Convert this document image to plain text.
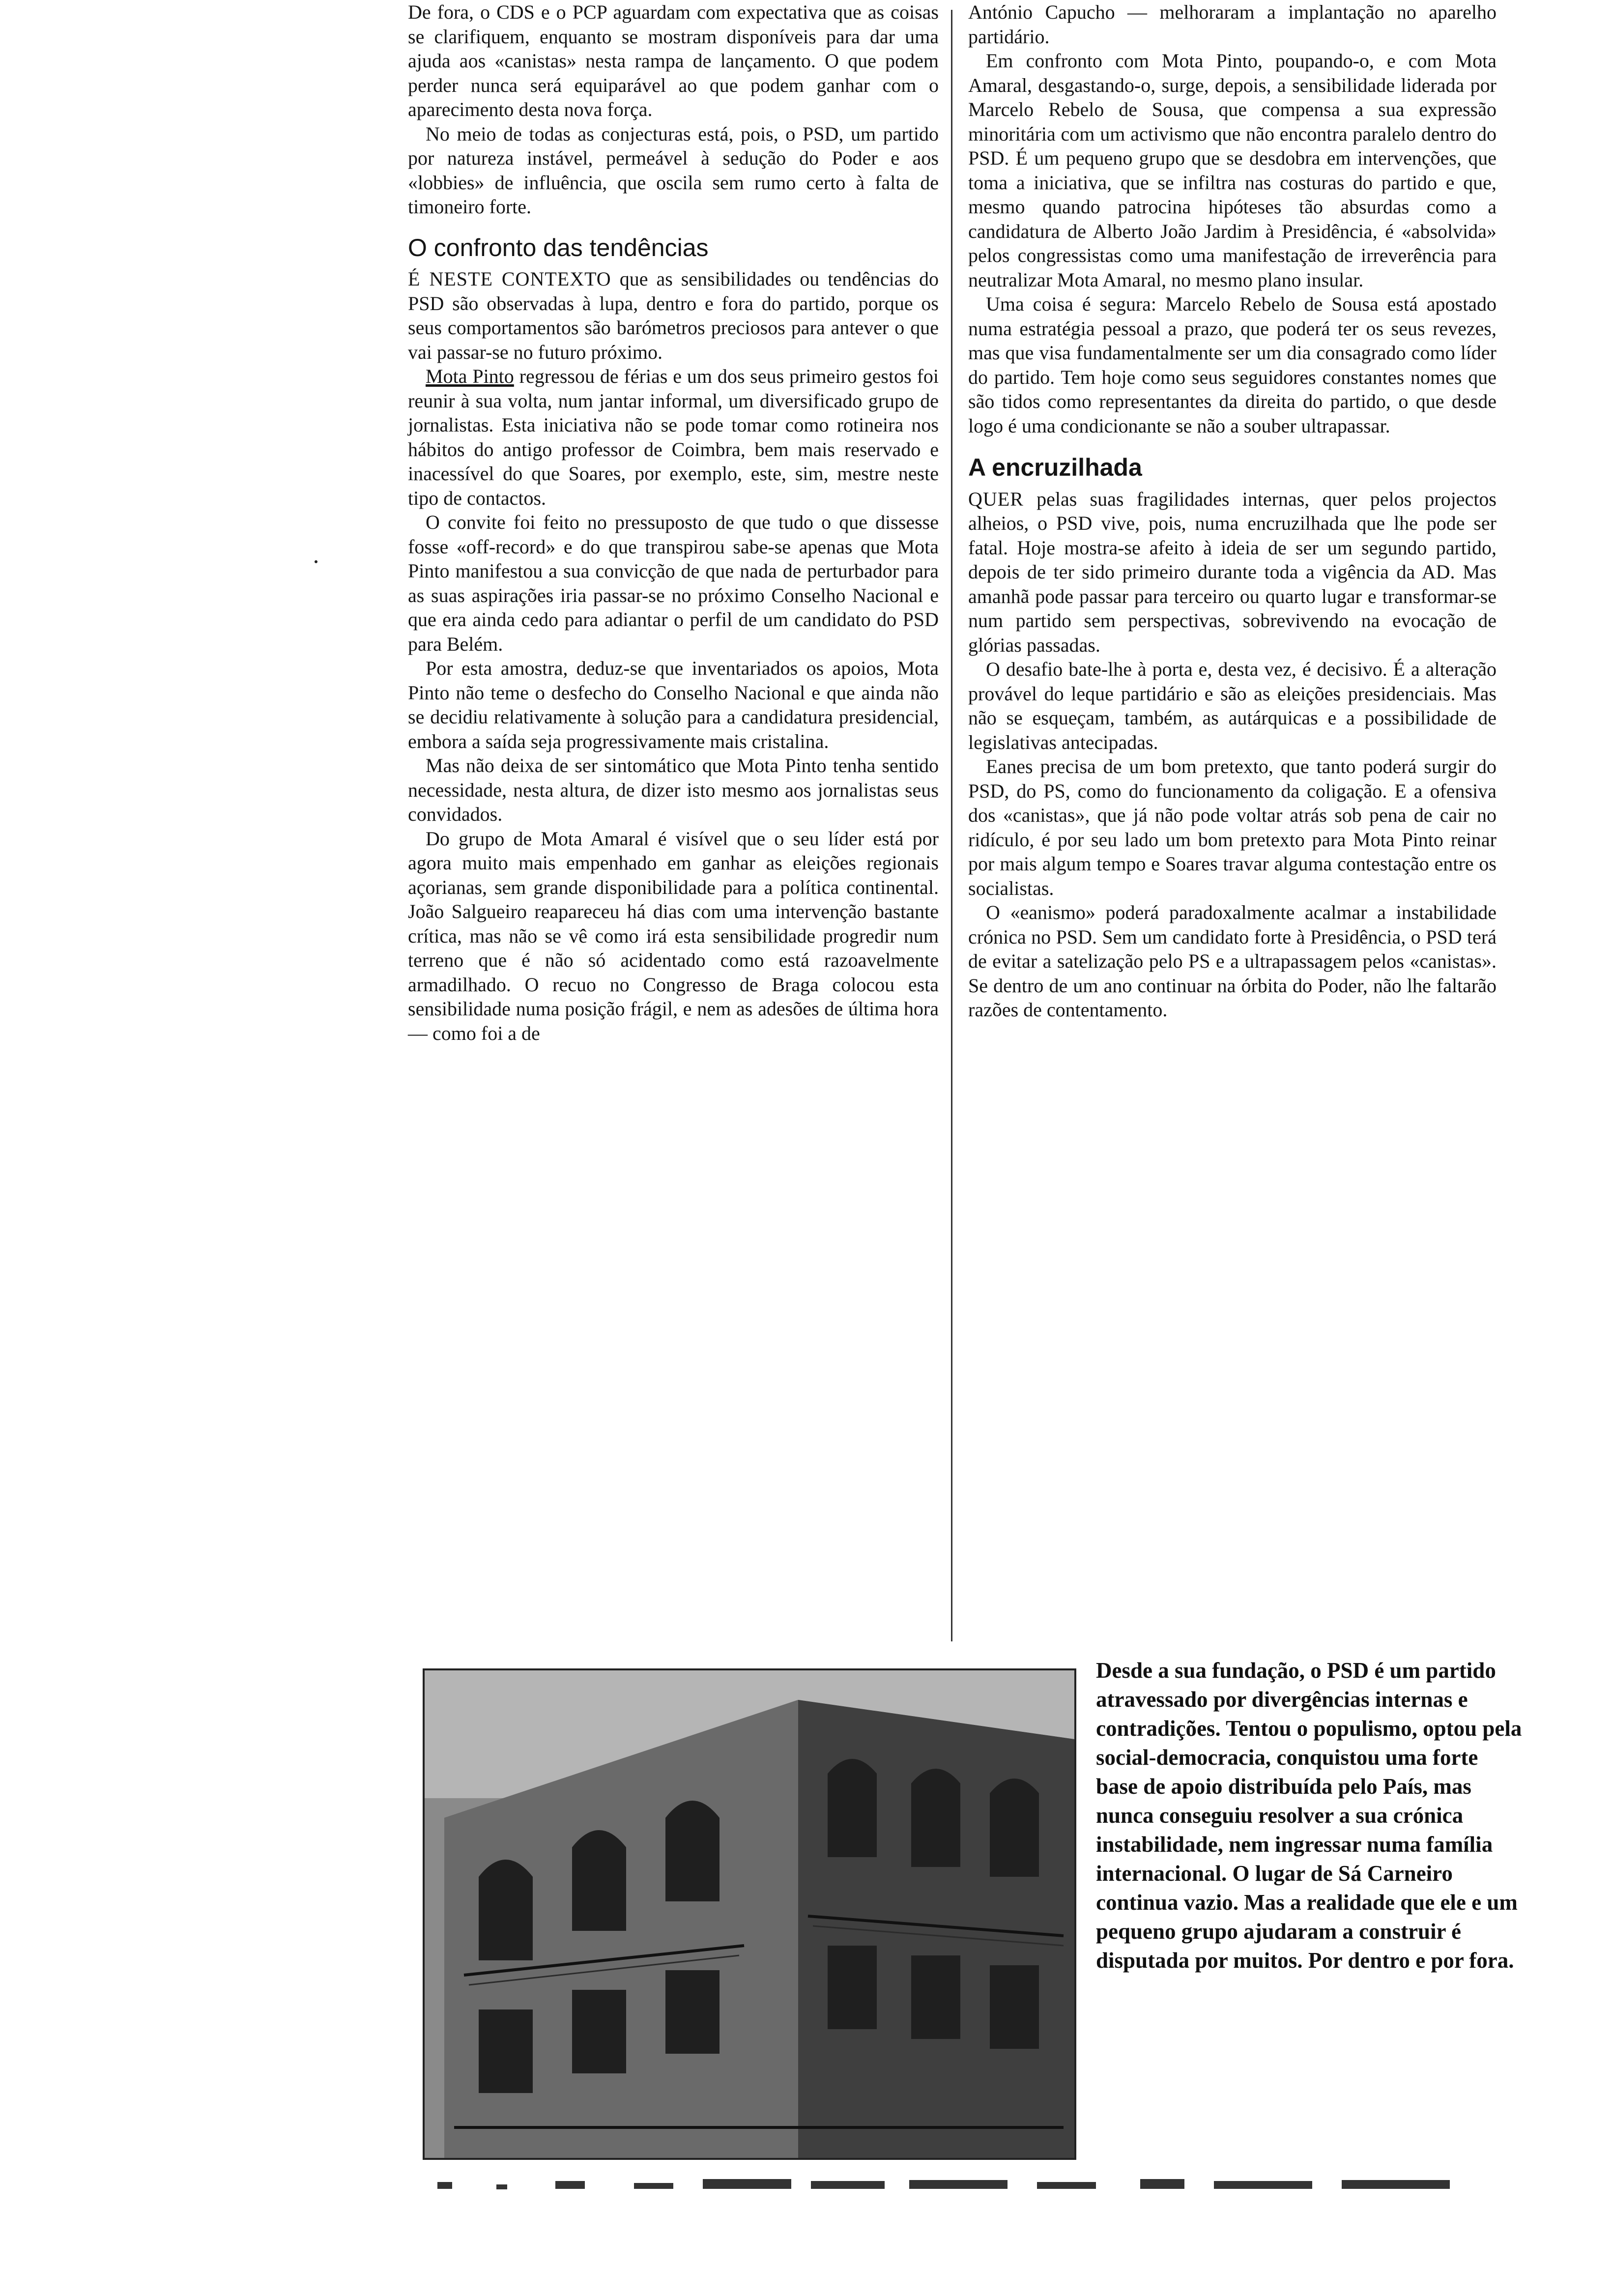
De fora, o CDS e o PCP aguardam com expectativa que as coisas se clarifiquem, enquanto se mostram disponíveis para dar uma ajuda aos «canistas» nesta rampa de lançamento. O que podem perder nunca será equiparável ao que podem ganhar com o aparecimento desta nova força.

No meio de todas as conjecturas está, pois, o PSD, um partido por natureza instável, permeável à sedução do Poder e aos «lobbies» de influência, que oscila sem rumo certo à falta de timoneiro forte.

O confronto das tendências

É NESTE CONTEXTO que as sensibilidades ou tendências do PSD são observadas à lupa, dentro e fora do partido, porque os seus comportamentos são barómetros preciosos para antever o que vai passar-se no futuro próximo.

Mota Pinto regressou de férias e um dos seus primeiro gestos foi reunir à sua volta, num jantar informal, um diversificado grupo de jornalistas. Esta iniciativa não se pode tomar como rotineira nos hábitos do antigo professor de Coimbra, bem mais reservado e inacessível do que Soares, por exemplo, este, sim, mestre neste tipo de contactos.

O convite foi feito no pressuposto de que tudo o que dissesse fosse «off-record» e do que transpirou sabe-se apenas que Mota Pinto manifestou a sua convicção de que nada de perturbador para as suas aspirações iria passar-se no próximo Conselho Nacional e que era ainda cedo para adiantar o perfil de um candidato do PSD para Belém.

Por esta amostra, deduz-se que inventariados os apoios, Mota Pinto não teme o desfecho do Conselho Nacional e que ainda não se decidiu relativamente à solução para a candidatura presidencial, embora a saída seja progressivamente mais cristalina.

Mas não deixa de ser sintomático que Mota Pinto tenha sentido necessidade, nesta altura, de dizer isto mesmo aos jornalistas seus convidados.

Do grupo de Mota Amaral é visível que o seu líder está por agora muito mais empenhado em ganhar as eleições regionais açorianas, sem grande disponibilidade para a política continental. João Salgueiro reapareceu há dias com uma intervenção bastante crítica, mas não se vê como irá esta sensibilidade progredir num terreno que é não só acidentado como está razoavelmente armadilhado. O recuo no Congresso de Braga colocou esta sensibilidade numa posição frágil, e nem as adesões de última hora — como foi a de

António Capucho — melhoraram a implantação no aparelho partidário.

Em confronto com Mota Pinto, poupando-o, e com Mota Amaral, desgastando-o, surge, depois, a sensibilidade liderada por Marcelo Rebelo de Sousa, que compensa a sua expressão minoritária com um activismo que não encontra paralelo dentro do PSD. É um pequeno grupo que se desdobra em intervenções, que toma a iniciativa, que se infiltra nas costuras do partido e que, mesmo quando patrocina hipóteses tão absurdas como a candidatura de Alberto João Jardim à Presidência, é «absolvida» pelos congressistas como uma manifestação de irreverência para neutralizar Mota Amaral, no mesmo plano insular.

Uma coisa é segura: Marcelo Rebelo de Sousa está apostado numa estratégia pessoal a prazo, que poderá ter os seus revezes, mas que visa fundamentalmente ser um dia consagrado como líder do partido. Tem hoje como seus seguidores constantes nomes que são tidos como representantes da direita do partido, o que desde logo é uma condicionante se não a souber ultrapassar.

A encruzilhada

QUER pelas suas fragilidades internas, quer pelos projectos alheios, o PSD vive, pois, numa encruzilhada que lhe pode ser fatal. Hoje mostra-se afeito à ideia de ser um segundo partido, depois de ter sido primeiro durante toda a vigência da AD. Mas amanhã pode passar para terceiro ou quarto lugar e transformar-se num partido sem perspectivas, sobrevivendo na evocação de glórias passadas.

O desafio bate-lhe à porta e, desta vez, é decisivo. É a alteração provável do leque partidário e são as eleições presidenciais. Mas não se esqueçam, também, as autárquicas e a possibilidade de legislativas antecipadas.

Eanes precisa de um bom pretexto, que tanto poderá surgir do PSD, do PS, como do funcionamento da coligação. E a ofensiva dos «canistas», que já não pode voltar atrás sob pena de cair no ridículo, é por seu lado um bom pretexto para Mota Pinto reinar por mais algum tempo e Soares travar alguma contestação entre os socialistas.

O «eanismo» poderá paradoxalmente acalmar a instabilidade crónica no PSD. Sem um candidato forte à Presidência, o PSD terá de evitar a satelização pelo PS e a ultrapassagem pelos «canistas». Se dentro de um ano continuar na órbita do Poder, não lhe faltarão razões de contentamento.

Desde a sua fundação, o PSD é um partido atravessado por divergências internas e contradições. Tentou o populismo, optou pela social-democracia, conquistou uma forte base de apoio distribuída pelo País, mas nunca conseguiu resolver a sua crónica instabilidade, nem ingressar numa família internacional. O lugar de Sá Carneiro continua vazio. Mas a realidade que ele e um pequeno grupo ajudaram a construir é disputada por muitos. Por dentro e por fora.
